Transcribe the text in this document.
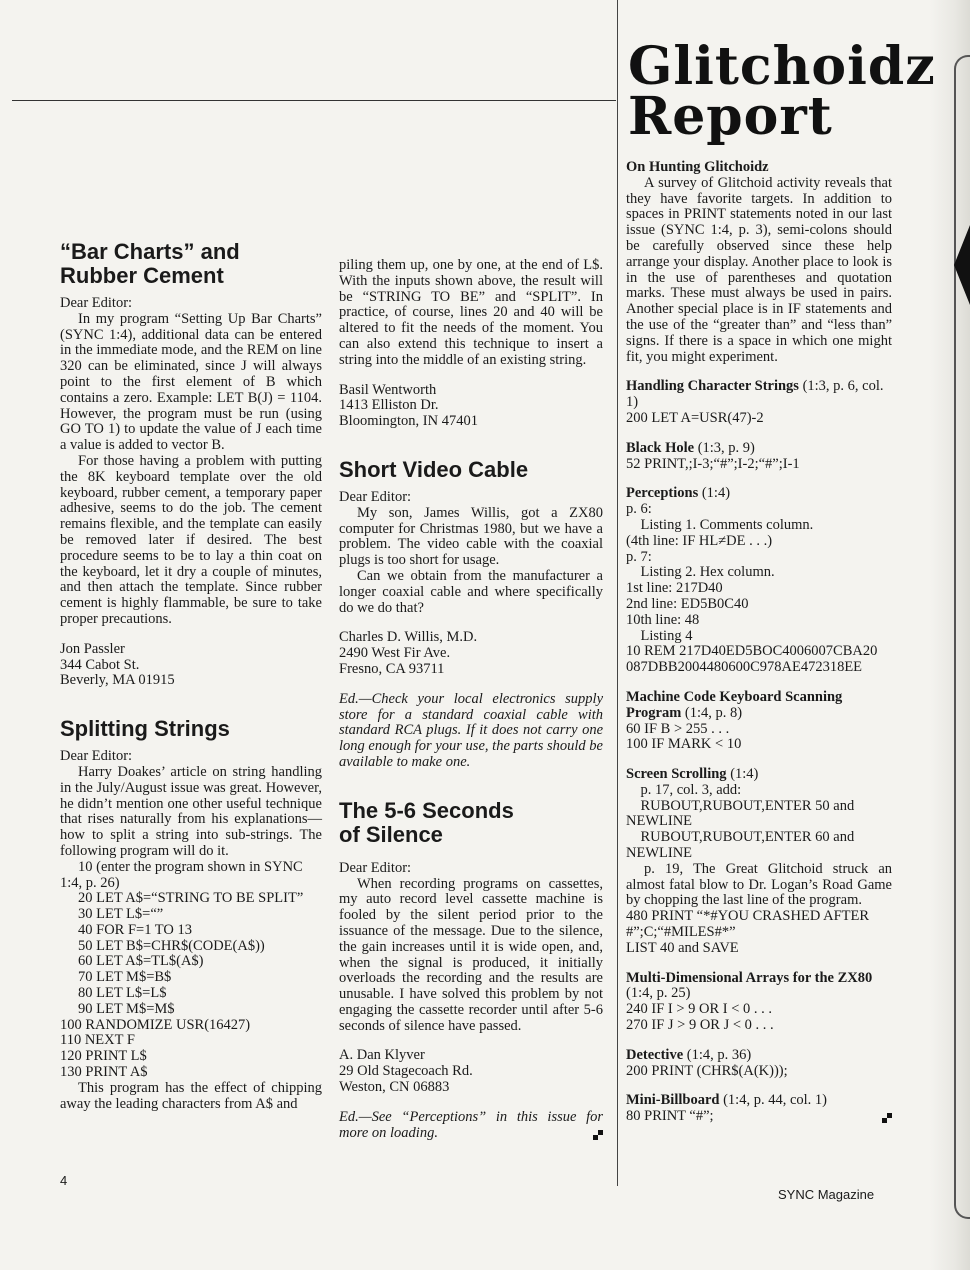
Glitchoidz
Report
“Bar Charts” and
Rubber Cement

Dear Editor:

In my program “Setting Up Bar Charts” (SYNC 1:4), additional data can be entered in the immediate mode, and the REM on line 320 can be eliminated, since J will always point to the first element of B which contains a zero. Example: LET B(J) = 1104. However, the program must be run (using GO TO 1) to update the value of J each time a value is added to vector B.

For those having a problem with putting the 8K keyboard template over the old keyboard, rubber cement, a temporary paper adhesive, seems to do the job. The cement remains flexible, and the template can easily be removed later if desired. The best procedure seems to be to lay a thin coat on the keyboard, let it dry a couple of minutes, and then attach the template. Since rubber cement is highly flammable, be sure to take proper precautions.

Jon Passler

344 Cabot St.

Beverly, MA 01915

Splitting Strings

Dear Editor:

Harry Doakes’ article on string handling in the July/August issue was great. However, he didn’t mention one other useful technique that rises naturally from his explanations—how to split a string into sub-strings. The following program will do it.

10 (enter the program shown in SYNC

1:4, p. 26)

20 LET A$=“STRING TO BE SPLIT”

30 LET L$=“”

40 FOR F=1 TO 13

50 LET B$=CHR$(CODE(A$))

60 LET A$=TL$(A$)

70 LET M$=B$

80 LET L$=L$

90 LET M$=M$

100 RANDOMIZE USR(16427)

110 NEXT F

120 PRINT L$

130 PRINT A$

This program has the effect of chipping away the leading characters from A$ and

piling them up, one by one, at the end of L$. With the inputs shown above, the result will be “STRING TO BE” and “SPLIT”. In practice, of course, lines 20 and 40 will be altered to fit the needs of the moment. You can also extend this technique to insert a string into the middle of an existing string.

Basil Wentworth

1413 Elliston Dr.

Bloomington, IN 47401

Short Video Cable

Dear Editor:

My son, James Willis, got a ZX80 computer for Christmas 1980, but we have a problem. The video cable with the coaxial plugs is too short for usage.

Can we obtain from the manufacturer a longer coaxial cable and where specifically do we do that?

Charles D. Willis, M.D.

2490 West Fir Ave.

Fresno, CA 93711

Ed.—Check your local electronics supply store for a standard coaxial cable with standard RCA plugs. If it does not carry one long enough for your use, the parts should be available to make one.

The 5-6 Seconds
of Silence

Dear Editor:

When recording programs on cassettes, my auto record level cassette machine is fooled by the silent period prior to the issuance of the message. Due to the silence, the gain increases until it is wide open, and, when the signal is produced, it initially overloads the recording and the results are unusable. I have solved this problem by not engaging the cassette recorder until after 5-6 seconds of silence have passed.

A. Dan Klyver

29 Old Stagecoach Rd.

Weston, CN 06883

Ed.—See “Perceptions” in this issue for more on loading.

On Hunting Glitchoidz

A survey of Glitchoid activity reveals that they have favorite targets. In addition to spaces in PRINT statements noted in our last issue (SYNC 1:4, p. 3), semi-colons should be carefully observed since these help arrange your display. Another place to look is in the use of parentheses and quotation marks. These must always be used in pairs. Another special place is in IF statements and the use of the “greater than” and “less than” signs. If there is a space in which one might fit, you might experiment.

Handling Character Strings (1:3, p. 6, col. 1)

200 LET A=USR(47)-2

Black Hole (1:3, p. 9)

52 PRINT,;I-3;“#”;I-2;“#”;I-1

Perceptions (1:4)

p. 6:

 Listing 1. Comments column.

(4th line: IF HL≠DE . . .)

p. 7:

 Listing 2. Hex column.

1st line: 217D40

2nd line: ED5B0C40

10th line: 48

 Listing 4

10 REM 217D40ED5BOC4006007CBA20

087DBB2004480600C978AE472318EE

Machine Code Keyboard Scanning Program (1:4, p. 8)

60 IF B > 255 . . .

100 IF MARK < 10

Screen Scrolling (1:4)

 p. 17, col. 3, add:

 RUBOUT,RUBOUT,ENTER 50 and

NEWLINE

 RUBOUT,RUBOUT,ENTER 60 and

NEWLINE

p. 19, The Great Glitchoid struck an almost fatal blow to Dr. Logan’s Road Game by chopping the last line of the program.

480 PRINT “*#YOU CRASHED AFTER

#”;C;“#MILES#*”

LIST 40 and SAVE

Multi-Dimensional Arrays for the ZX80 (1:4, p. 25)

240 IF I > 9 OR I < 0 . . .

270 IF J > 9 OR J < 0 . . .

Detective (1:4, p. 36)

200 PRINT (CHR$(A(K)));

Mini-Billboard (1:4, p. 44, col. 1)

80 PRINT “#”;

4
SYNC Magazine
